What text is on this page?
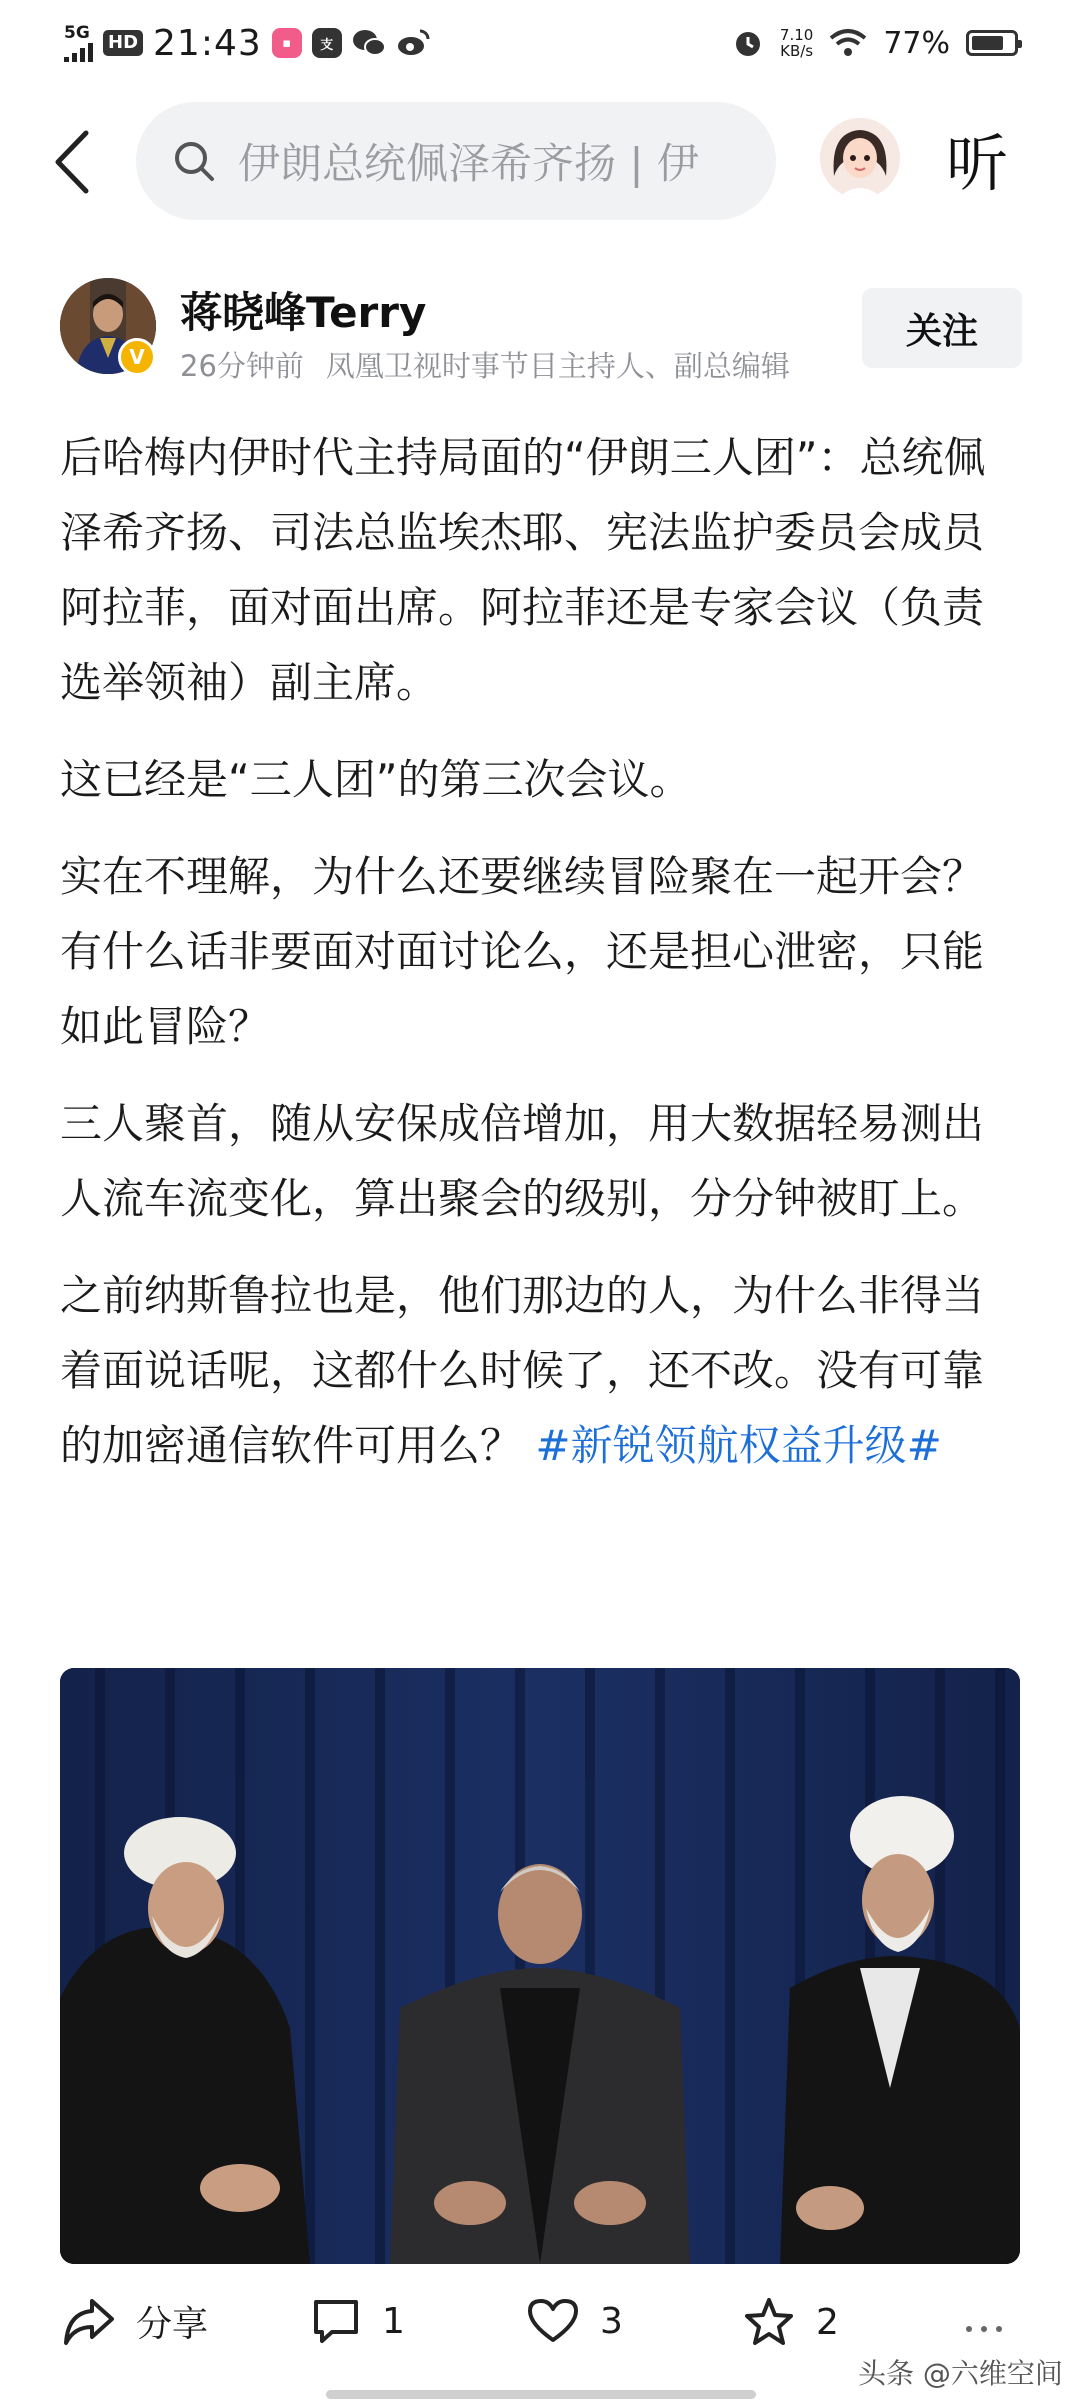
5G HD 21:43	▪	支
7.10
KB/s 77%
伊朗总统佩泽希齐扬 | 伊	听
V
蒋晓峰Terry
26分钟前 凤凰卫视时事节目主持人、副总编辑
关注

后哈梅内伊时代主持局面的“伊朗三人团”：总统佩泽希齐扬、司法总监埃杰耶、宪法监护委员会成员阿拉菲，面对面出席。阿拉菲还是专家会议（负责选举领袖）副主席。

这已经是“三人团”的第三次会议。

实在不理解，为什么还要继续冒险聚在一起开会？有什么话非要面对面讨论么，还是担心泄密，只能如此冒险？

三人聚首，随从安保成倍增加，用大数据轻易测出人流车流变化，算出聚会的级别，分分钟被盯上。

之前纳斯鲁拉也是，他们那边的人，为什么非得当着面说话呢，这都什么时候了，还不改。没有可靠的加密通信软件可用么？ #新锐领航权益升级#

分享	1	3	2
头条 @六维空间
